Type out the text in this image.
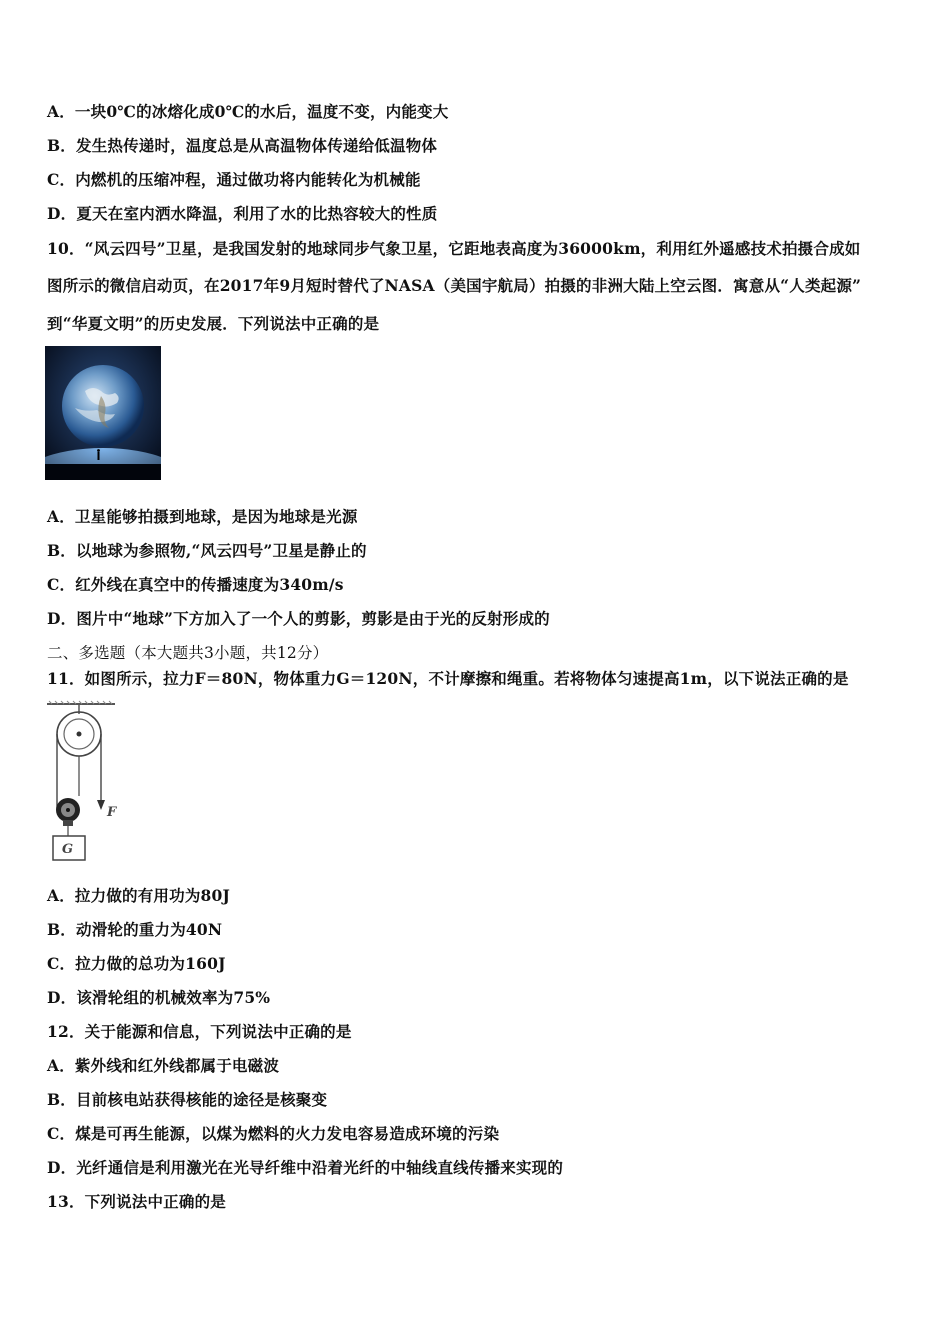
A．一块0℃的冰熔化成0℃的水后，温度不变，内能变大
B．发生热传递时，温度总是从高温物体传递给低温物体
C．内燃机的压缩冲程，通过做功将内能转化为机械能
D．夏天在室内洒水降温，利用了水的比热容较大的性质
10．“风云四号”卫星，是我国发射的地球同步气象卫星，它距地表高度为36000km，利用红外遥感技术拍摄合成如
图所示的微信启动页，在2017年9月短时替代了NASA（美国宇航局）拍摄的非洲大陆上空云图．寓意从“人类起源”
到“华夏文明”的历史发展．下列说法中正确的是
A．卫星能够拍摄到地球，是因为地球是光源
B．以地球为参照物,“风云四号”卫星是静止的
C．红外线在真空中的传播速度为340m/s
D．图片中“地球”下方加入了一个人的剪影，剪影是由于光的反射形成的
二、多选题（本大题共3小题，共12分）
11．如图所示，拉力F＝80N，物体重力G＝120N，不计摩擦和绳重。若将物体匀速提高1m，以下说法正确的是
F
G
A．拉力做的有用功为80J
B．动滑轮的重力为40N
C．拉力做的总功为160J
D．该滑轮组的机械效率为75%
12．关于能源和信息，下列说法中正确的是
A．紫外线和红外线都属于电磁波
B．目前核电站获得核能的途径是核聚变
C．煤是可再生能源，以煤为燃料的火力发电容易造成环境的污染
D．光纤通信是利用激光在光导纤维中沿着光纤的中轴线直线传播来实现的
13．下列说法中正确的是
